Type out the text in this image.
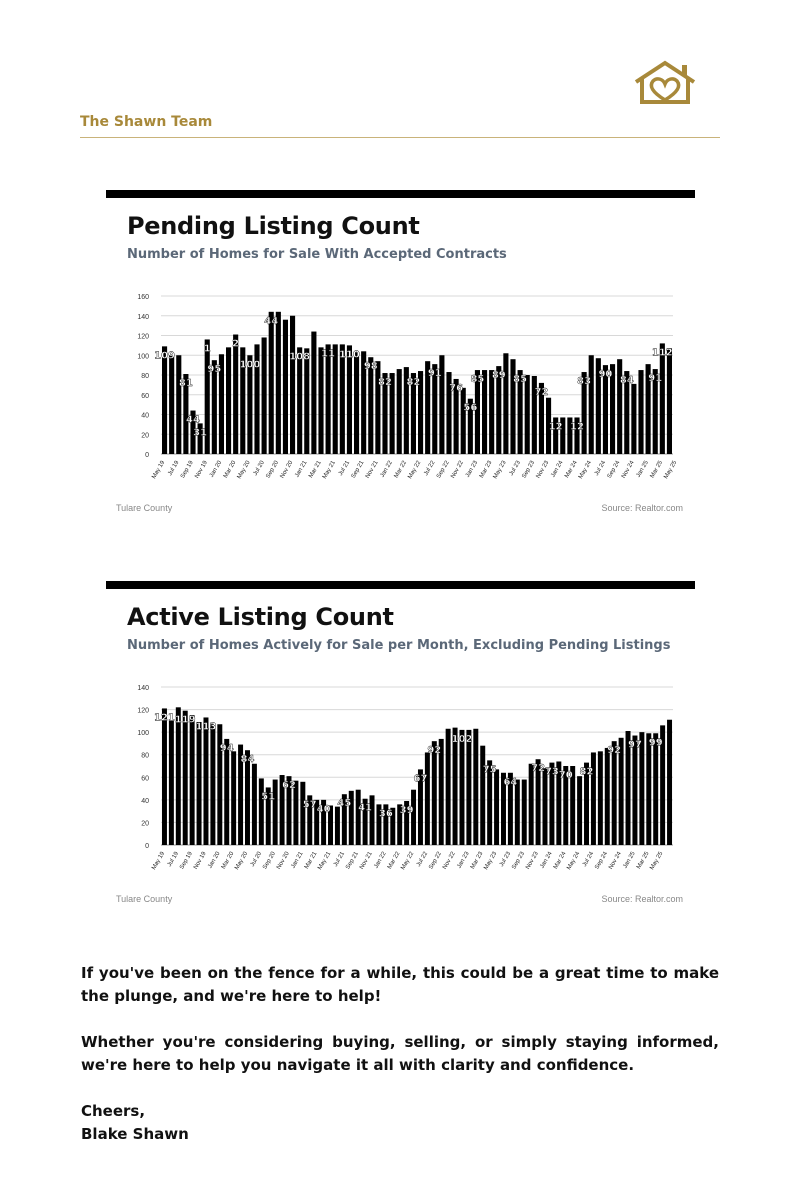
The Shawn Team
Pending Listing Count
Number of Homes for Sale With Accepted Contracts
0
20
40
60
80
100
120
140
160
109
81
44
31
1
95
2
100
44
108 11 110
98
82 82
91
76
56
85 89 85
72
12 12
83
90
84 91
112
May 19 Jul 19 Sep 19 Nov 19 Jan 20 Mar 20 May 20 Jul 20 Sep 20 Nov 20 Jan 21 Mar 21 May 21 Jul 21 Sep 21 Nov 21 Jan 22 Mar 22 May 22 Jul 22 Sep 22 Nov 22 Jan 23 Mar 23 May 23 Jul 23 Sep 23 Nov 23 Jan 24 Mar 24 May 24 Jul 24 Sep 24 Nov 24 Jan 25 Mar 25 May 25
Tulare County	Source: Realtor.com
Active Listing Count
Number of Homes Actively for Sale per Month, Excluding Pending Listings
0
20
40
60
80
100
120
140
121 119
113
94
84
51
62
57 40
45 41
36 39
67
92
102
75
64
72 73 70 82
92
97 99
May 19 Jul 19 Sep 19 Nov 19 Jan 20 Mar 20
May 20 Jul 20 Sep 20 Nov 20 Jan 21 Mar 21
May 21 Jul 21 Sep 21 Nov 21 Jan 22 Mar 22
May 22 Jul 22 Sep 22 Nov 22 Jan 23 Mar 23
May 23 Jul 23 Sep 23 Nov 23 Jan 24 Mar 24
May 24 Jul 24 Sep 24 Nov 24 Jan 25 Mar 25
May 25
Tulare County	Source: Realtor.com

If you've been on the fence for a while, this could be a great time to make the plunge, and we're here to help!

Whether you're considering buying, selling, or simply staying informed, we're here to help you navigate it all with clarity and confidence.

Cheers,

Blake Shawn
